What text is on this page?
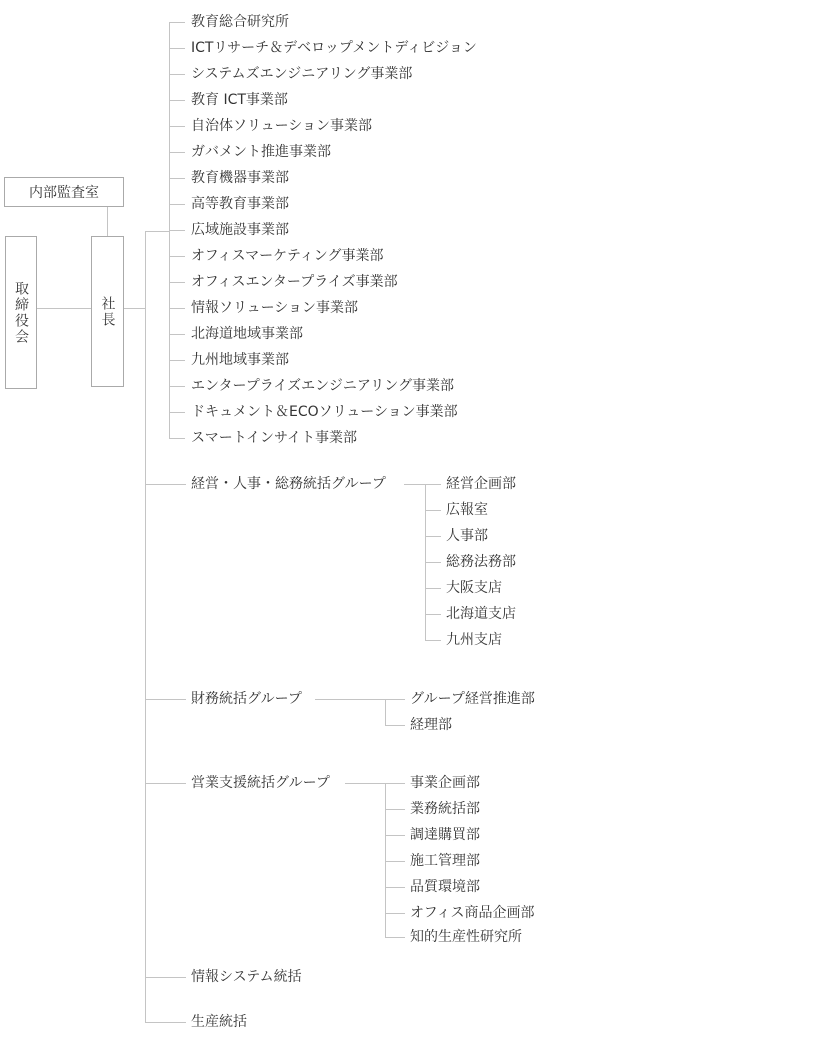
内部監査室
取締役会	社長
教育総合研究所
ICTリサーチ＆デベロップメントディビジョン
システムズエンジニアリング事業部
教育 ICT事業部
自治体ソリューション事業部
ガバメント推進事業部
教育機器事業部
高等教育事業部
広域施設事業部
オフィスマーケティング事業部
オフィスエンタープライズ事業部
情報ソリューション事業部
北海道地域事業部
九州地域事業部
エンタープライズエンジニアリング事業部
ドキュメント＆ECOソリューション事業部
スマートインサイト事業部
経営・人事・総務統括グループ	経営企画部
広報室
人事部
総務法務部
大阪支店
北海道支店
九州支店
財務統括グループ	グループ経営推進部
経理部
営業支援統括グループ	事業企画部
業務統括部
調達購買部
施工管理部
品質環境部
オフィス商品企画部
知的生産性研究所
情報システム統括
生産統括
